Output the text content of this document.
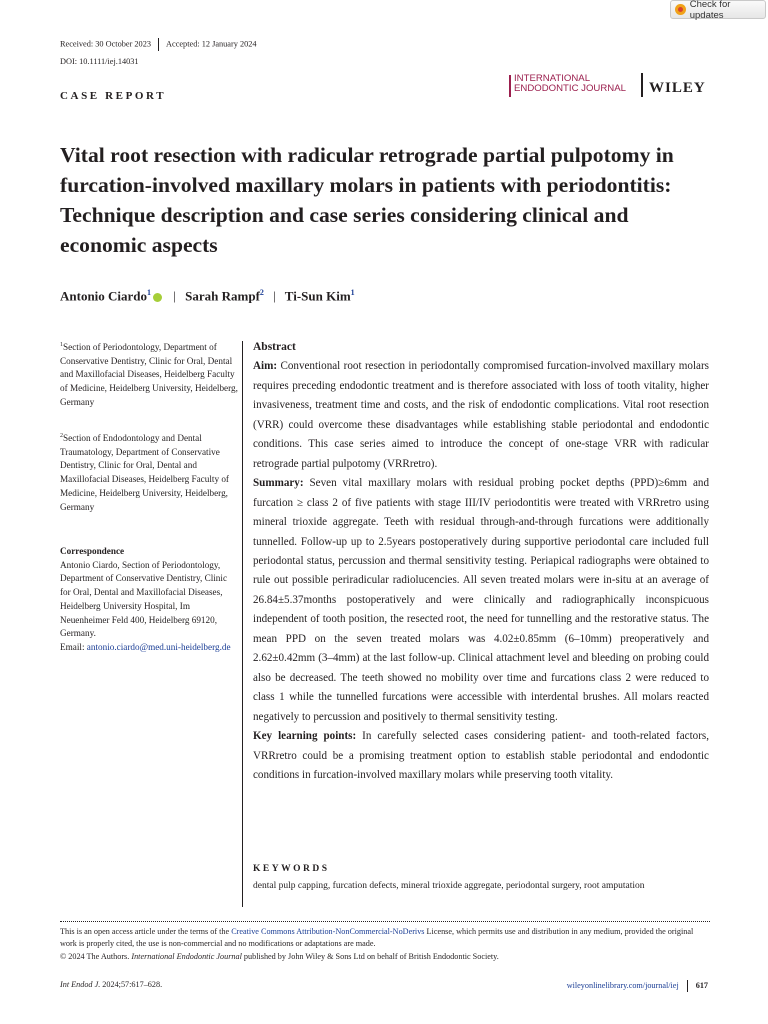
Check for updates
Received: 30 October 2023 Accepted: 12 January 2024
DOI: 10.1111/iej.14031
CASE REPORT
INTERNATIONAL
ENDODONTIC JOURNAL WILEY
Vital root resection with radicular retrograde partial pulpotomy in furcation-involved maxillary molars in patients with periodontitis: Technique description and case series considering clinical and economic aspects
Antonio Ciardo$^1$ | Sarah Rampf$^2$ | Ti-Sun Kim$^1$
$^1$Section of Periodontology, Department of Conservative Dentistry, Clinic for Oral, Dental and Maxillofacial Diseases, Heidelberg Faculty of Medicine, Heidelberg University, Heidelberg, Germany
$^2$Section of Endodontology and Dental Traumatology, Department of Conservative Dentistry, Clinic for Oral, Dental and Maxillofacial Diseases, Heidelberg Faculty of Medicine, Heidelberg University, Heidelberg, Germany
Correspondence
Antonio Ciardo, Section of Periodontology, Department of Conservative Dentistry, Clinic for Oral, Dental and Maxillofacial Diseases, Heidelberg University Hospital, Im Neuenheimer Feld 400, Heidelberg 69120, Germany.
Email: antonio.ciardo@med.uni-heidelberg.de
Abstract

Aim: Conventional root resection in periodontally compromised furcation-involved maxillary molars requires preceding endodontic treatment and is therefore associated with loss of tooth vitality, higher invasiveness, treatment time and costs, and the risk of endodontic complications. Vital root resection (VRR) could overcome these disadvantages while establishing stable periodontal and endodontic conditions. This case series aimed to introduce the concept of one-stage VRR with radicular retrograde partial pulpotomy (VRRretro).

Summary: Seven vital maxillary molars with residual probing pocket depths (PPD)≥6mm and furcation ≥ class 2 of five patients with stage III/IV periodontitis were treated with VRRretro using mineral trioxide aggregate. Teeth with residual through-and-through furcations were additionally tunnelled. Follow-up up to 2.5years postoperatively during supportive periodontal care included full periodontal status, percussion and thermal sensitivity testing. Periapical radiographs were obtained to rule out possible periradicular radiolucencies. All seven treated molars were in-situ at an average of 26.84±5.37months postoperatively and were clinically and radiographically inconspicuous independent of tooth position, the resected root, the need for tunnelling and the restorative status. The mean PPD on the seven treated molars was 4.02±0.85mm (6–10mm) preoperatively and 2.62±0.42mm (3–4mm) at the last follow-up. Clinical attachment level and bleeding on probing could also be decreased. The teeth showed no mobility over time and furcations class 2 were reduced to class 1 while the tunnelled furcations were accessible with interdental brushes. All molars reacted negatively to percussion and positively to thermal sensitivity testing.

Key learning points: In carefully selected cases considering patient- and tooth-related factors, VRRretro could be a promising treatment option to establish stable periodontal and endodontic conditions in furcation-involved maxillary molars while preserving tooth vitality.

KEYWORDS
dental pulp capping, furcation defects, mineral trioxide aggregate, periodontal surgery, root amputation
This is an open access article under the terms of the Creative Commons Attribution-NonCommercial-NoDerivs License, which permits use and distribution in any medium, provided the original work is properly cited, the use is non-commercial and no modifications or adaptations are made.
© 2024 The Authors. International Endodontic Journal published by John Wiley & Sons Ltd on behalf of British Endodontic Society.
Int Endod J. 2024;57:617–628.	wileyonlinelibrary.com/journal/iej 617
